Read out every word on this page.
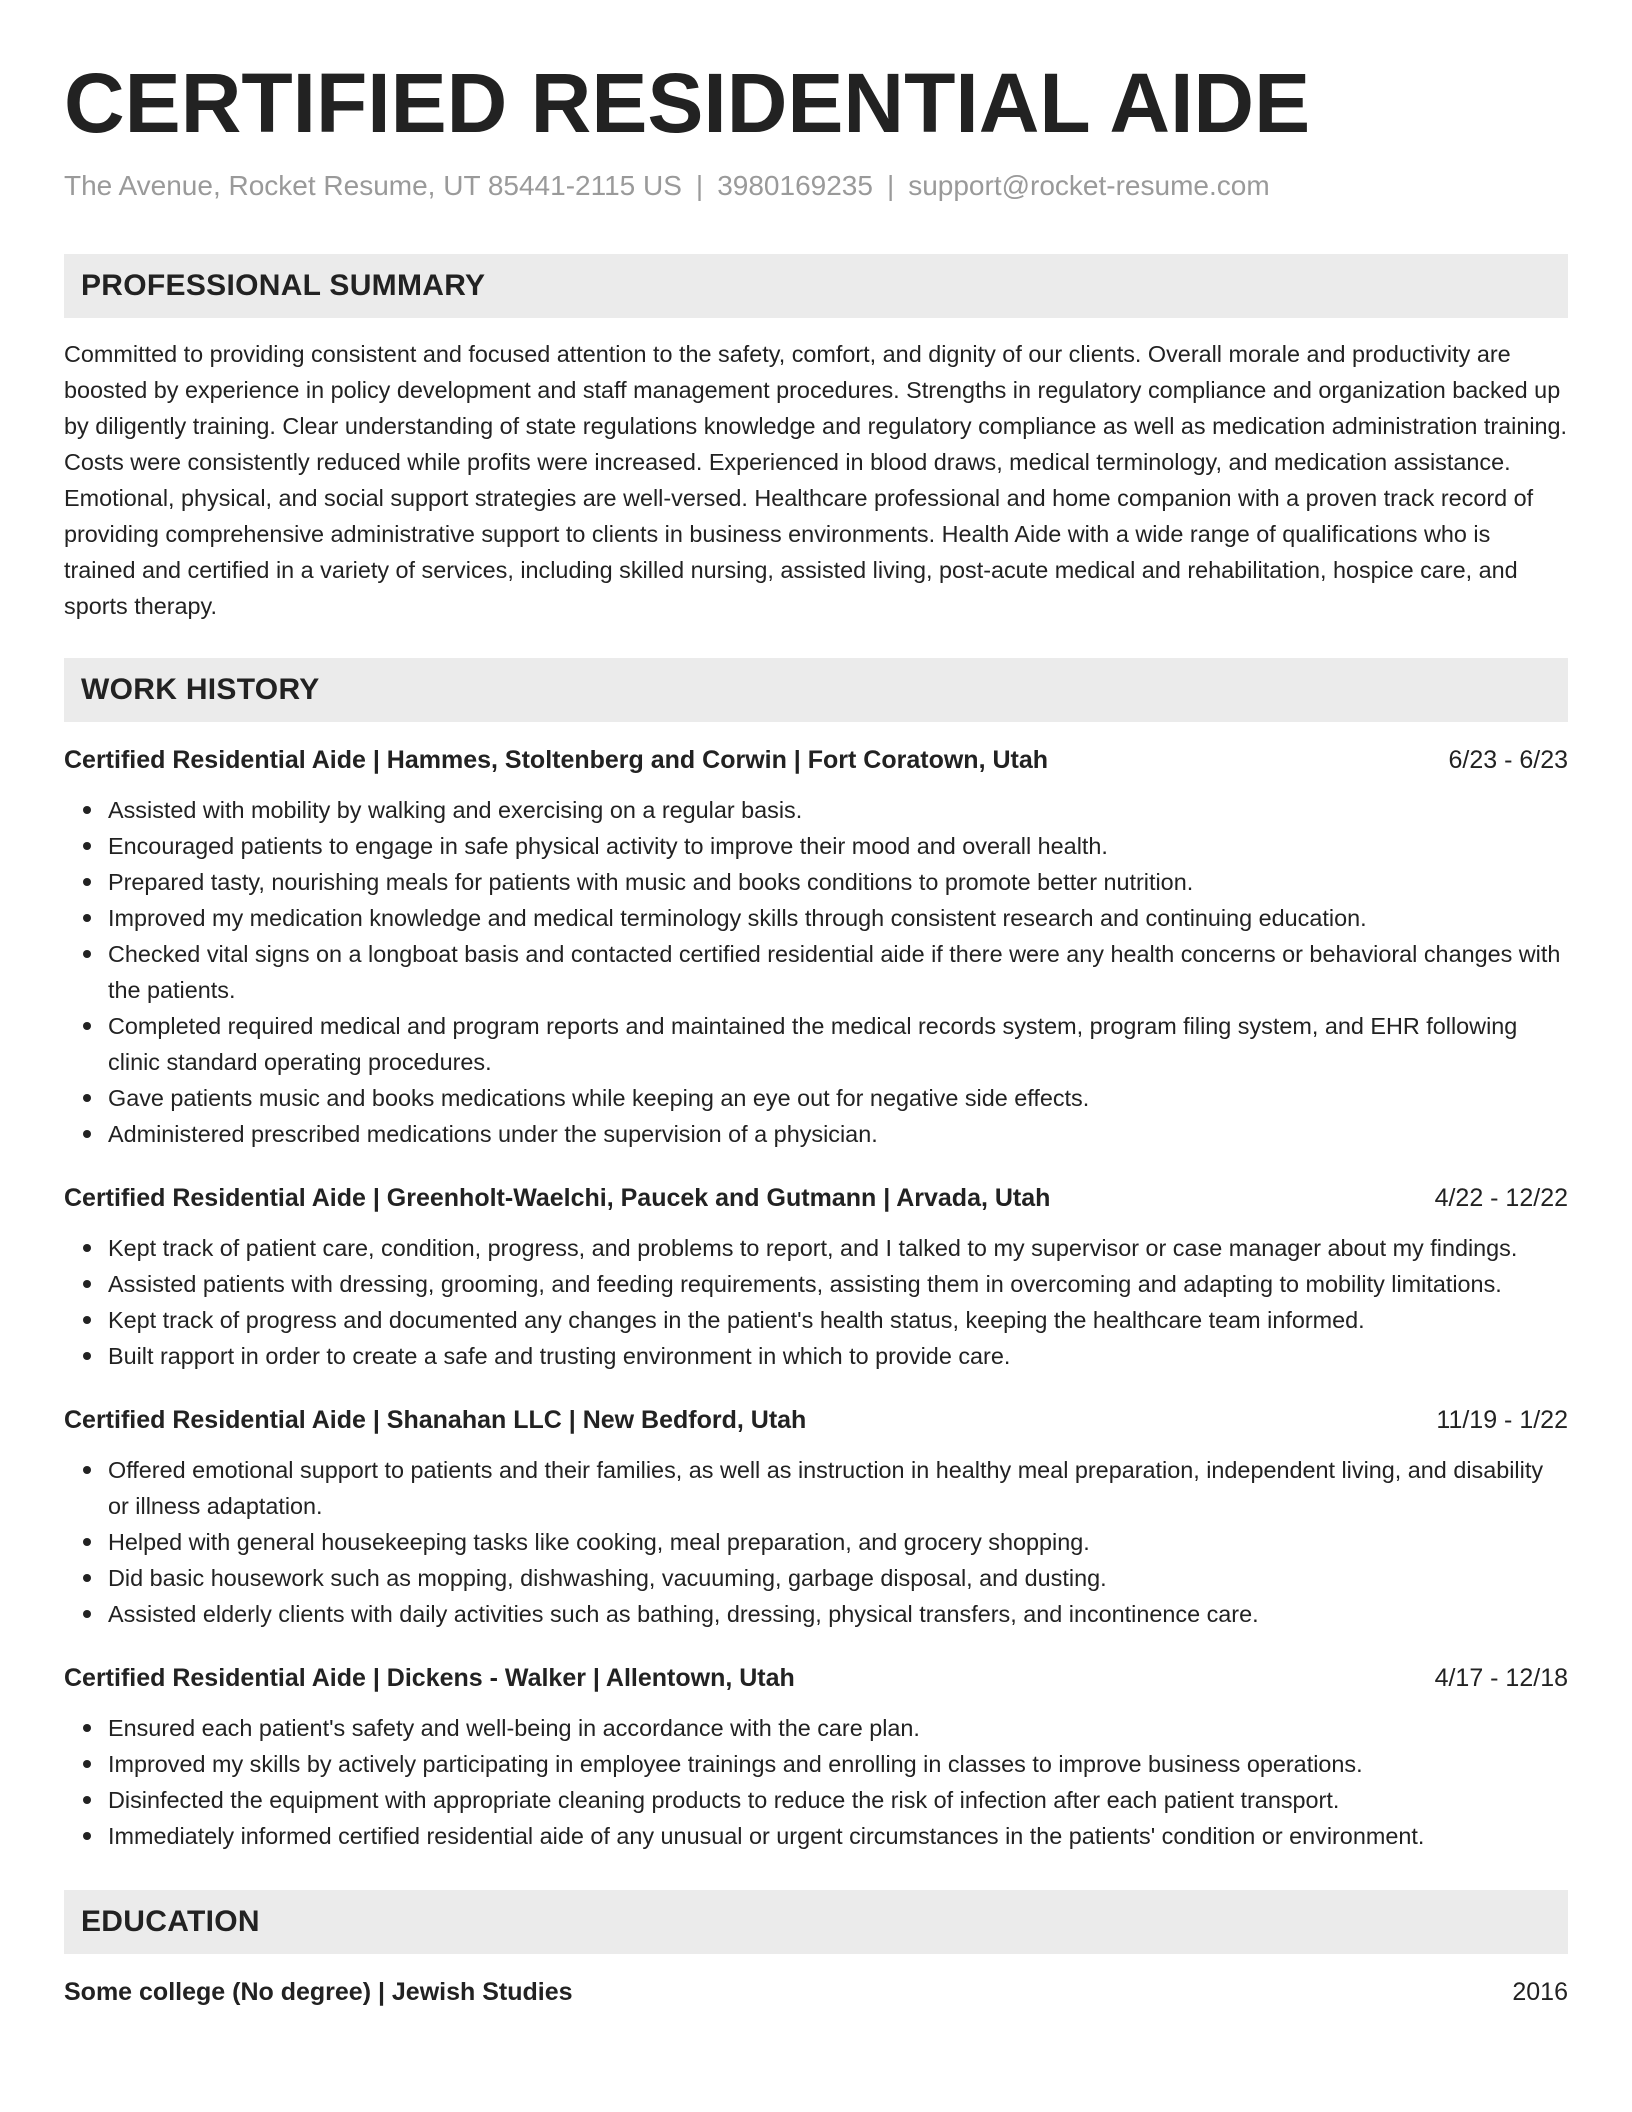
CERTIFIED RESIDENTIAL AIDE
The Avenue, Rocket Resume, UT 85441-2115 US | 3980169235 | support@rocket-resume.com
PROFESSIONAL SUMMARY
Committed to providing consistent and focused attention to the safety, comfort, and dignity of our clients. Overall morale and productivity are boosted by experience in policy development and staff management procedures. Strengths in regulatory compliance and organization backed up by diligently training. Clear understanding of state regulations knowledge and regulatory compliance as well as medication administration training. Costs were consistently reduced while profits were increased. Experienced in blood draws, medical terminology, and medication assistance. Emotional, physical, and social support strategies are well-versed. Healthcare professional and home companion with a proven track record of providing comprehensive administrative support to clients in business environments. Health Aide with a wide range of qualifications who is trained and certified in a variety of services, including skilled nursing, assisted living, post-acute medical and rehabilitation, hospice care, and sports therapy.
WORK HISTORY
Certified Residential Aide | Hammes, Stoltenberg and Corwin | Fort Coratown, Utah	6/23 - 6/23
Assisted with mobility by walking and exercising on a regular basis.
Encouraged patients to engage in safe physical activity to improve their mood and overall health.
Prepared tasty, nourishing meals for patients with music and books conditions to promote better nutrition.
Improved my medication knowledge and medical terminology skills through consistent research and continuing education.
Checked vital signs on a longboat basis and contacted certified residential aide if there were any health concerns or behavioral changes with the patients.
Completed required medical and program reports and maintained the medical records system, program filing system, and EHR following clinic standard operating procedures.
Gave patients music and books medications while keeping an eye out for negative side effects.
Administered prescribed medications under the supervision of a physician.
Certified Residential Aide | Greenholt-Waelchi, Paucek and Gutmann | Arvada, Utah	4/22 - 12/22
Kept track of patient care, condition, progress, and problems to report, and I talked to my supervisor or case manager about my findings.
Assisted patients with dressing, grooming, and feeding requirements, assisting them in overcoming and adapting to mobility limitations.
Kept track of progress and documented any changes in the patient's health status, keeping the healthcare team informed.
Built rapport in order to create a safe and trusting environment in which to provide care.
Certified Residential Aide | Shanahan LLC | New Bedford, Utah	11/19 - 1/22
Offered emotional support to patients and their families, as well as instruction in healthy meal preparation, independent living, and disability or illness adaptation.
Helped with general housekeeping tasks like cooking, meal preparation, and grocery shopping.
Did basic housework such as mopping, dishwashing, vacuuming, garbage disposal, and dusting.
Assisted elderly clients with daily activities such as bathing, dressing, physical transfers, and incontinence care.
Certified Residential Aide | Dickens - Walker | Allentown, Utah	4/17 - 12/18
Ensured each patient's safety and well-being in accordance with the care plan.
Improved my skills by actively participating in employee trainings and enrolling in classes to improve business operations.
Disinfected the equipment with appropriate cleaning products to reduce the risk of infection after each patient transport.
Immediately informed certified residential aide of any unusual or urgent circumstances in the patients' condition or environment.
EDUCATION
Some college (No degree) | Jewish Studies	2016
